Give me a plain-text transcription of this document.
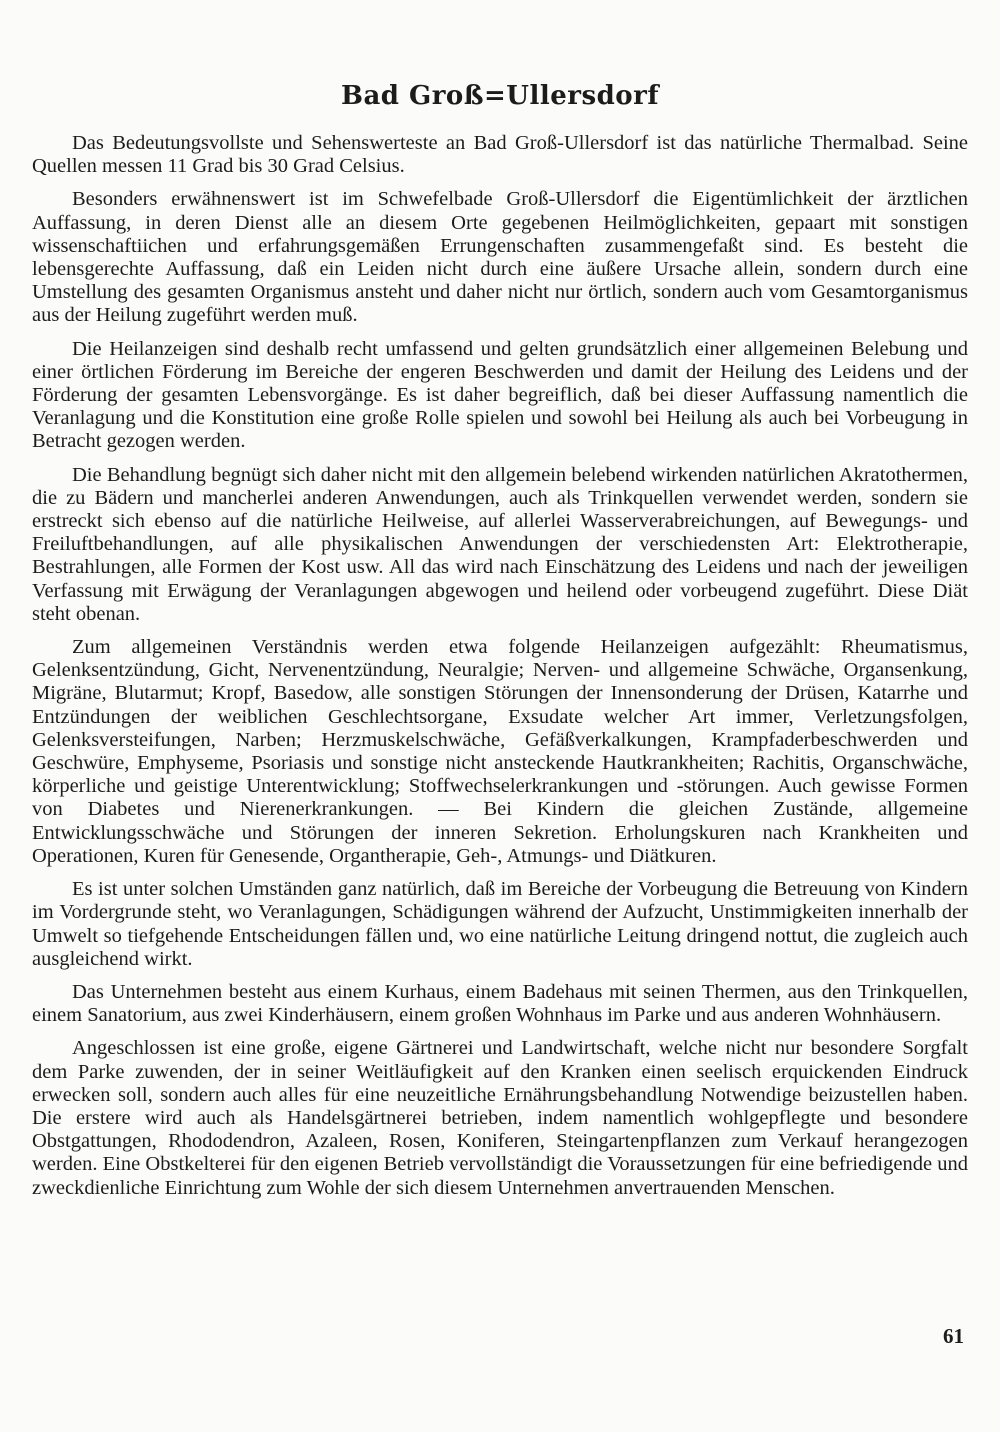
Bad Groß=Ullersdorf

Das Bedeutungsvollste und Sehenswerteste an Bad Groß-Ullersdorf ist das natürliche Thermalbad. Seine Quellen messen 11 Grad bis 30 Grad Celsius.

Besonders erwähnenswert ist im Schwefelbade Groß-Ullersdorf die Eigentümlichkeit der ärztlichen Auffassung, in deren Dienst alle an diesem Orte gegebenen Heilmöglichkeiten, gepaart mit sonstigen wissenschaftiichen und erfahrungsgemäßen Errungenschaften zusammengefaßt sind. Es besteht die lebensgerechte Auffassung, daß ein Leiden nicht durch eine äußere Ursache allein, sondern durch eine Umstellung des gesamten Organismus ansteht und daher nicht nur örtlich, sondern auch vom Gesamtorganismus aus der Heilung zugeführt werden muß.

Die Heilanzeigen sind deshalb recht umfassend und gelten grundsätzlich einer allgemeinen Belebung und einer örtlichen Förderung im Bereiche der engeren Beschwerden und damit der Heilung des Leidens und der Förderung der gesamten Lebensvorgänge. Es ist daher begreiflich, daß bei dieser Auffassung namentlich die Veranlagung und die Konstitution eine große Rolle spielen und sowohl bei Heilung als auch bei Vorbeugung in Betracht gezogen werden.

Die Behandlung begnügt sich daher nicht mit den allgemein belebend wirkenden natürlichen Akratothermen, die zu Bädern und mancherlei anderen Anwendungen, auch als Trinkquellen verwendet werden, sondern sie erstreckt sich ebenso auf die natürliche Heilweise, auf allerlei Wasserverabreichungen, auf Bewegungs- und Freiluftbehandlungen, auf alle physikalischen Anwendungen der verschiedensten Art: Elektrotherapie, Bestrahlungen, alle Formen der Kost usw. All das wird nach Einschätzung des Leidens und nach der jeweiligen Verfassung mit Erwägung der Veranlagungen abgewogen und heilend oder vorbeugend zugeführt. Diese Diät steht obenan.

Zum allgemeinen Verständnis werden etwa folgende Heilanzeigen aufgezählt: Rheumatismus, Gelenksentzündung, Gicht, Nervenentzündung, Neuralgie; Nerven- und allgemeine Schwäche, Organsenkung, Migräne, Blutarmut; Kropf, Basedow, alle sonstigen Störungen der Innensonderung der Drüsen, Katarrhe und Entzündungen der weiblichen Geschlechtsorgane, Exsudate welcher Art immer, Verletzungsfolgen, Gelenksversteifungen, Narben; Herzmuskelschwäche, Gefäßverkalkungen, Krampfaderbeschwerden und Geschwüre, Emphyseme, Psoriasis und sonstige nicht ansteckende Hautkrankheiten; Rachitis, Organschwäche, körperliche und geistige Unterentwicklung; Stoffwechselerkrankungen und -störungen. Auch gewisse Formen von Diabetes und Nierenerkrankungen. — Bei Kindern die gleichen Zustände, allgemeine Entwicklungsschwäche und Störungen der inneren Sekretion. Erholungskuren nach Krankheiten und Operationen, Kuren für Genesende, Organtherapie, Geh-, Atmungs- und Diätkuren.

Es ist unter solchen Umständen ganz natürlich, daß im Bereiche der Vorbeugung die Betreuung von Kindern im Vordergrunde steht, wo Veranlagungen, Schädigungen während der Aufzucht, Unstimmigkeiten innerhalb der Umwelt so tiefgehende Entscheidungen fällen und, wo eine natürliche Leitung dringend nottut, die zugleich auch ausgleichend wirkt.

Das Unternehmen besteht aus einem Kurhaus, einem Badehaus mit seinen Thermen, aus den Trinkquellen, einem Sanatorium, aus zwei Kinderhäusern, einem großen Wohnhaus im Parke und aus anderen Wohnhäusern.

Angeschlossen ist eine große, eigene Gärtnerei und Landwirtschaft, welche nicht nur besondere Sorgfalt dem Parke zuwenden, der in seiner Weitläufigkeit auf den Kranken einen seelisch erquickenden Eindruck erwecken soll, sondern auch alles für eine neuzeitliche Ernährungsbehandlung Notwendige beizustellen haben. Die erstere wird auch als Handelsgärtnerei betrieben, indem namentlich wohlgepflegte und besondere Obstgattungen, Rhododendron, Azaleen, Rosen, Koniferen, Steingartenpflanzen zum Verkauf herangezogen werden. Eine Obstkelterei für den eigenen Betrieb vervollständigt die Voraussetzungen für eine befriedigende und zweckdienliche Einrichtung zum Wohle der sich diesem Unternehmen anvertrauenden Menschen.

61
